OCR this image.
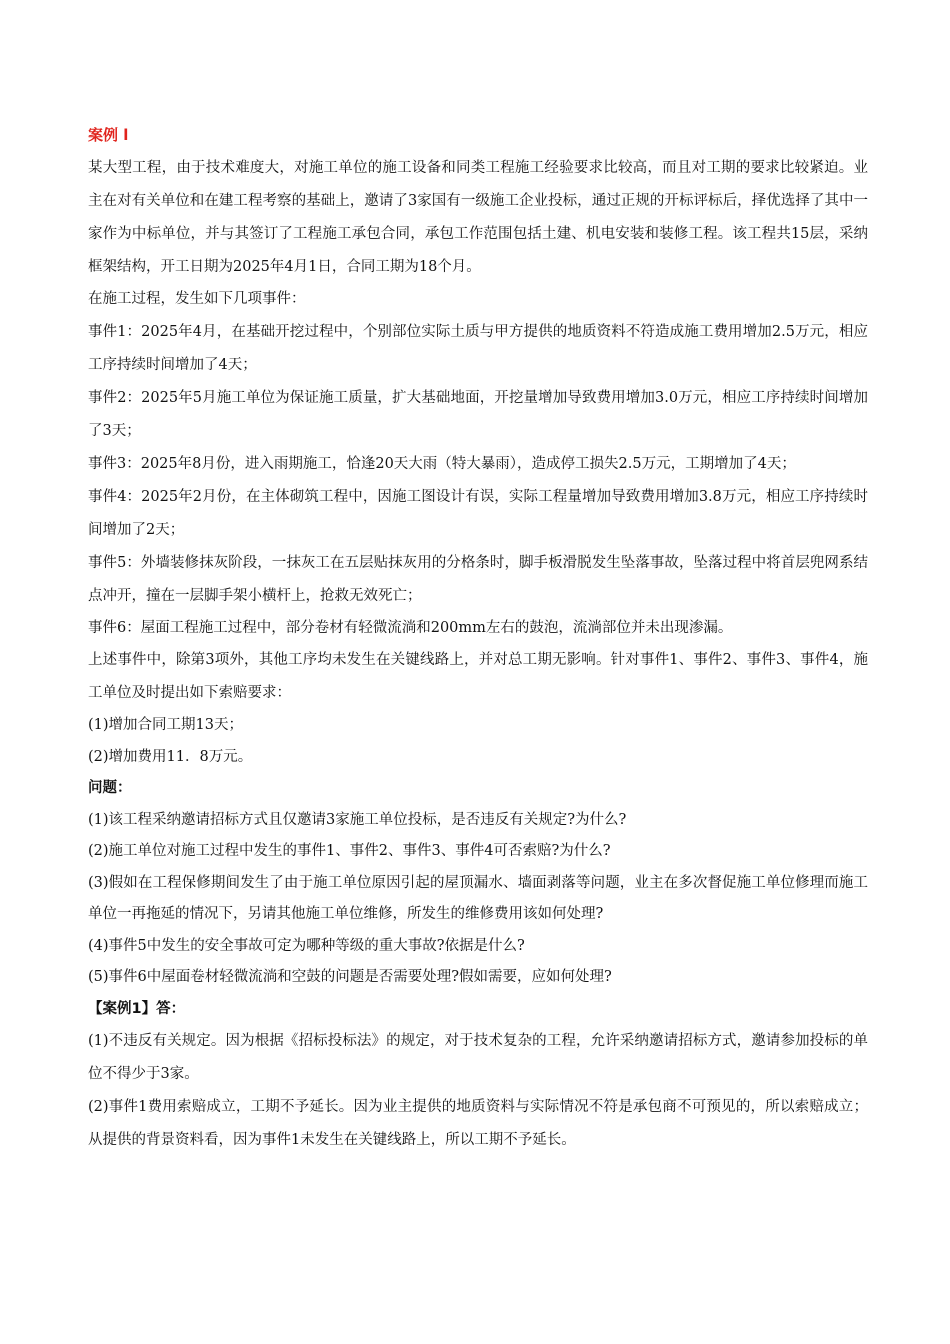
案例 l

某大型工程，由于技术难度大，对施工单位的施工设备和同类工程施工经验要求比较高，而且对工期的要求比较紧迫。业主在对有关单位和在建工程考察的基础上，邀请了3家国有一级施工企业投标，通过正规的开标评标后，择优选择了其中一家作为中标单位，并与其签订了工程施工承包合同，承包工作范围包括土建、机电安装和装修工程。该工程共15层，采纳框架结构，开工日期为2025年4月1日，合同工期为18个月。

在施工过程，发生如下几项事件：

事件1：2025年4月，在基础开挖过程中，个别部位实际土质与甲方提供的地质资料不符造成施工费用增加2.5万元，相应工序持续时间增加了4天；

事件2：2025年5月施工单位为保证施工质量，扩大基础地面，开挖量增加导致费用增加3.0万元，相应工序持续时间增加了3天；

事件3：2025年8月份，进入雨期施工，恰逢20天大雨（特大暴雨），造成停工损失2.5万元，工期增加了4天；

事件4：2025年2月份，在主体砌筑工程中，因施工图设计有误，实际工程量增加导致费用增加3.8万元，相应工序持续时间增加了2天；

事件5：外墙装修抹灰阶段，一抹灰工在五层贴抹灰用的分格条时，脚手板滑脱发生坠落事故，坠落过程中将首层兜网系结点冲开，撞在一层脚手架小横杆上，抢救无效死亡；

事件6：屋面工程施工过程中，部分卷材有轻微流淌和200mm左右的鼓泡，流淌部位并未出现渗漏。

上述事件中，除第3项外，其他工序均未发生在关键线路上，并对总工期无影响。针对事件1、事件2、事件3、事件4，施工单位及时提出如下索赔要求：

(1)增加合同工期13天；

(2)增加费用11．8万元。

问题：

(1)该工程采纳邀请招标方式且仅邀请3家施工单位投标，是否违反有关规定?为什么?

(2)施工单位对施工过程中发生的事件1、事件2、事件3、事件4可否索赔?为什么?

(3)假如在工程保修期间发生了由于施工单位原因引起的屋顶漏水、墙面剥落等问题，业主在多次督促施工单位修理而施工单位一再拖延的情况下，另请其他施工单位维修，所发生的维修费用该如何处理?

(4)事件5中发生的安全事故可定为哪种等级的重大事故?依据是什么?

(5)事件6中屋面卷材轻微流淌和空鼓的问题是否需要处理?假如需要，应如何处理?

【案例1】答：

(1)不违反有关规定。因为根据《招标投标法》的规定，对于技术复杂的工程，允许采纳邀请招标方式，邀请参加投标的单位不得少于3家。

(2)事件1费用索赔成立，工期不予延长。因为业主提供的地质资料与实际情况不符是承包商不可预见的，所以索赔成立；从提供的背景资料看，因为事件1未发生在关键线路上，所以工期不予延长。
